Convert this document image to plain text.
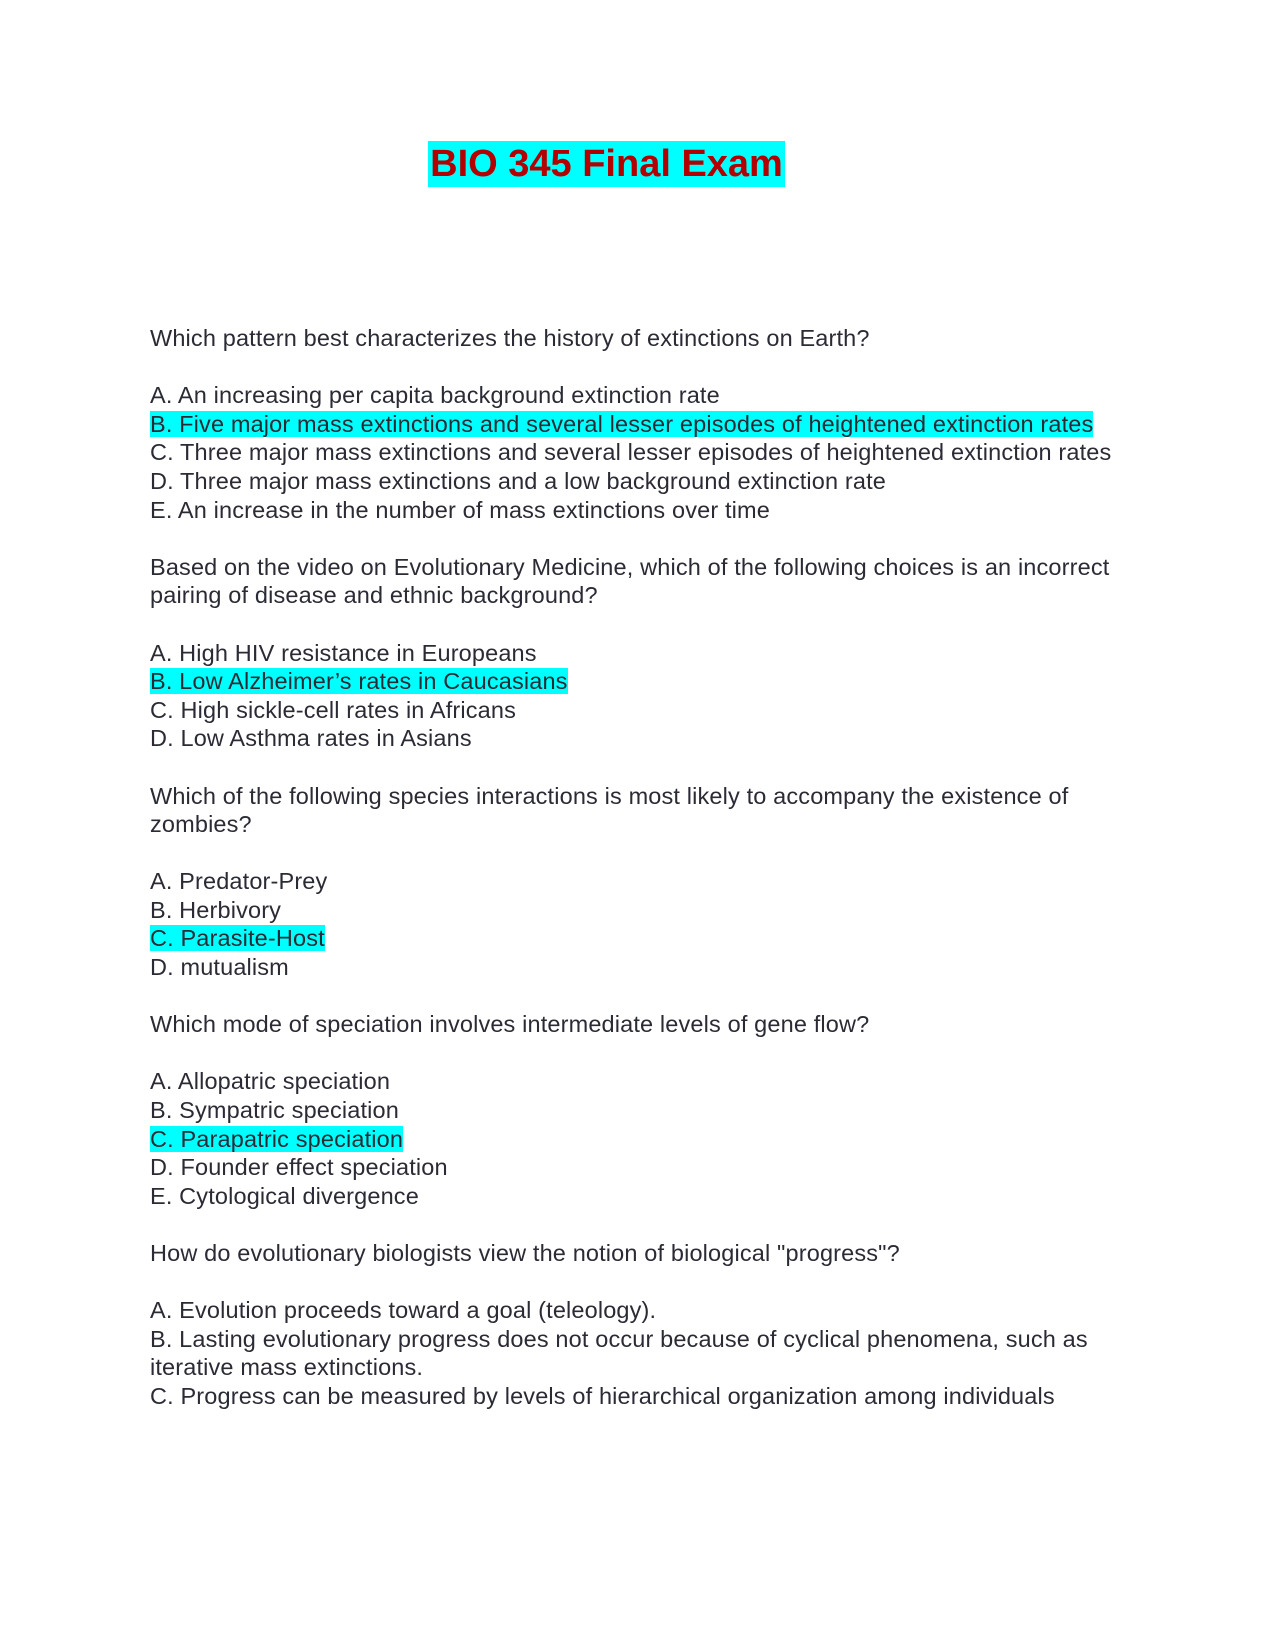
BIO 345 Final Exam
Which pattern best characterizes the history of extinctions on Earth?
A. An increasing per capita background extinction rate
B. Five major mass extinctions and several lesser episodes of heightened extinction rates
C. Three major mass extinctions and several lesser episodes of heightened extinction rates
D. Three major mass extinctions and a low background extinction rate
E. An increase in the number of mass extinctions over time
Based on the video on Evolutionary Medicine, which of the following choices is an incorrect pairing of disease and ethnic background?
A. High HIV resistance in Europeans
B. Low Alzheimer’s rates in Caucasians
C. High sickle-cell rates in Africans
D. Low Asthma rates in Asians
Which of the following species interactions is most likely to accompany the existence of zombies?
A. Predator-Prey
B. Herbivory
C. Parasite-Host
D. mutualism
Which mode of speciation involves intermediate levels of gene flow?
A. Allopatric speciation
B. Sympatric speciation
C. Parapatric speciation
D. Founder effect speciation
E. Cytological divergence
How do evolutionary biologists view the notion of biological "progress"?
A. Evolution proceeds toward a goal (teleology).
B. Lasting evolutionary progress does not occur because of cyclical phenomena, such as iterative mass extinctions.
C. Progress can be measured by levels of hierarchical organization among individuals
